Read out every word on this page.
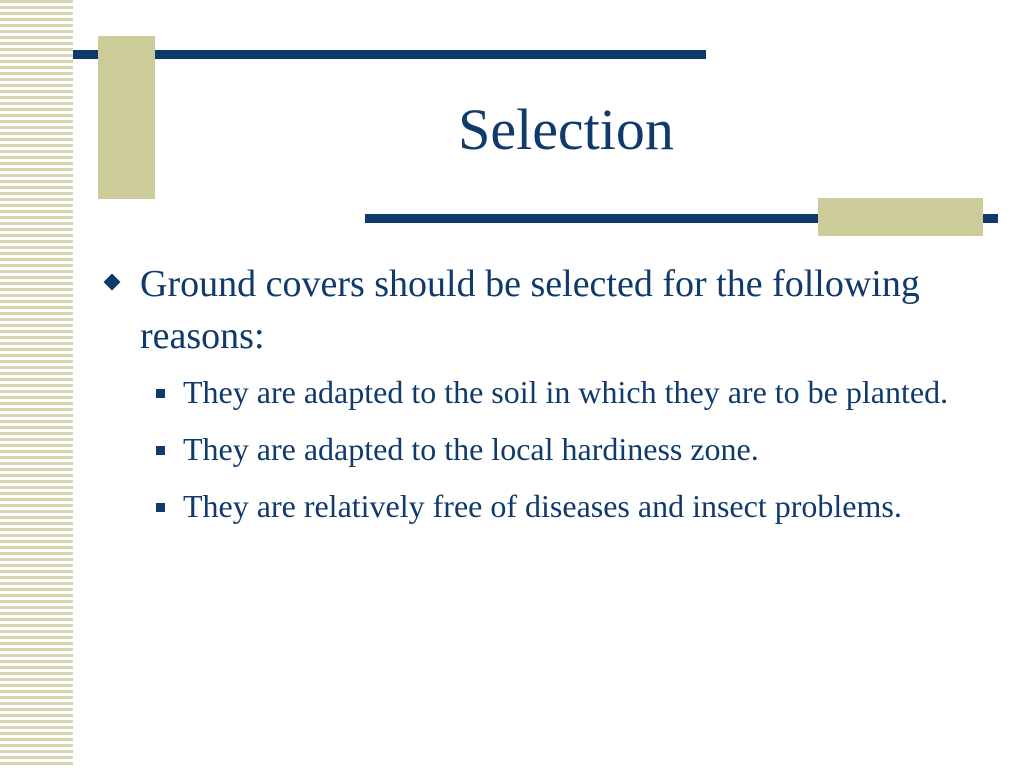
Selection
Ground covers should be selected for the following reasons:
They are adapted to the soil in which they are to be planted.
They are adapted to the local hardiness zone.
They are relatively free of diseases and insect problems.
